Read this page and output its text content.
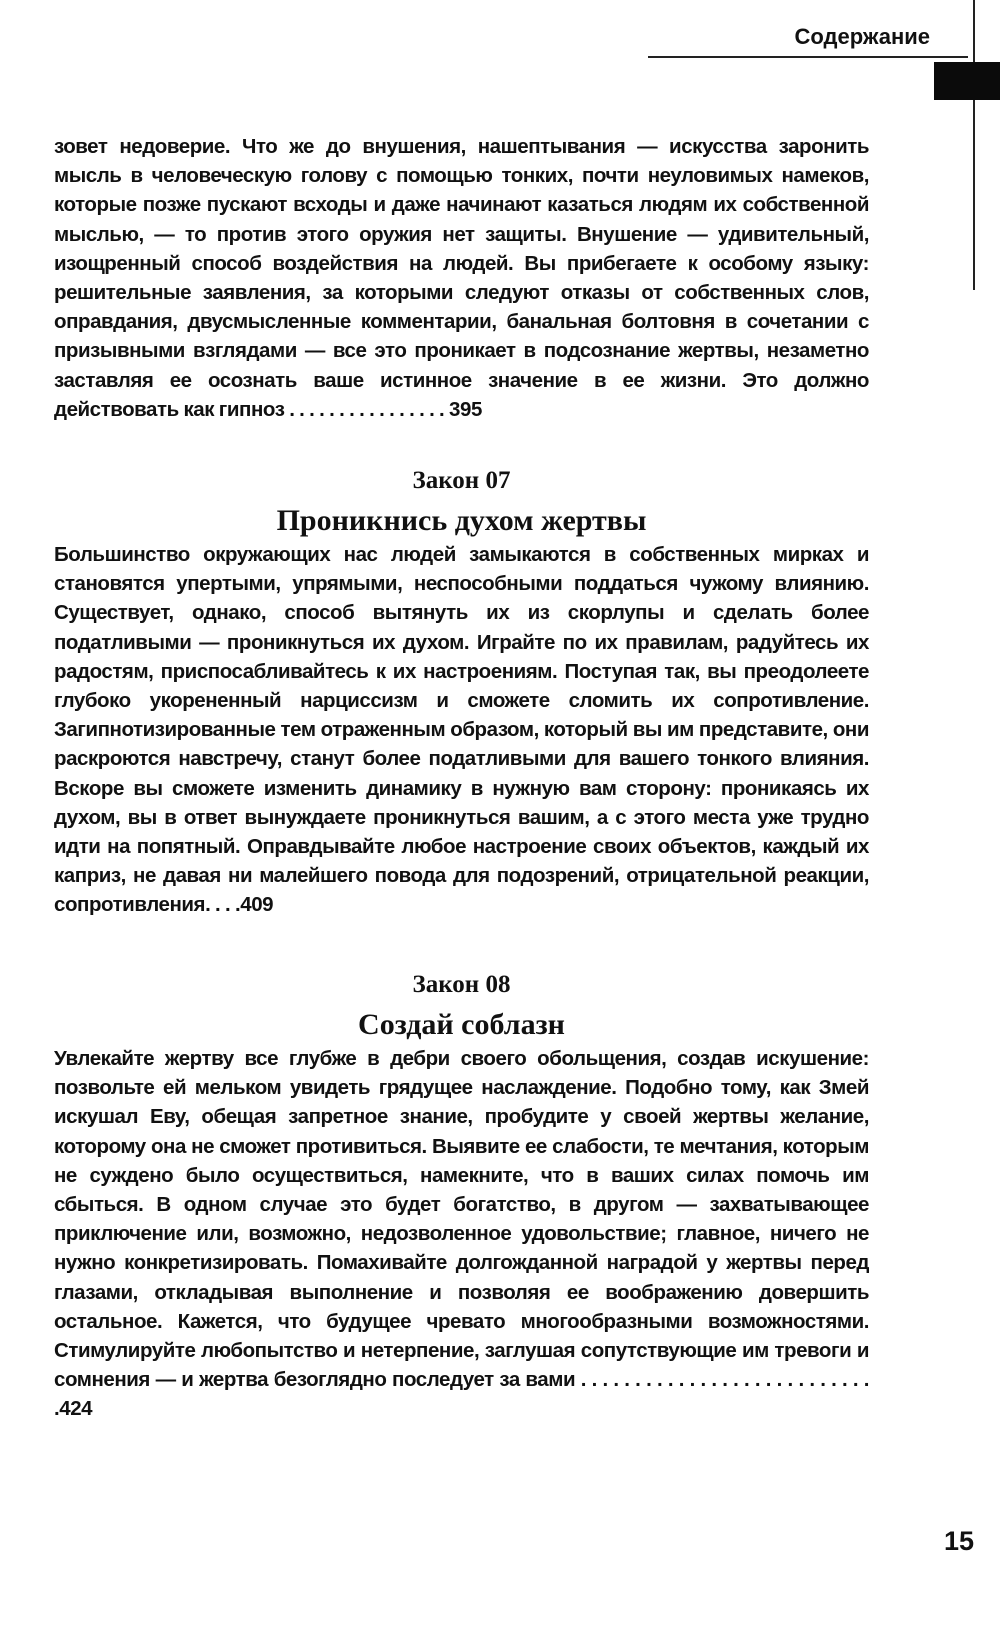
Содержание

зовет недоверие. Что же до внушения, нашептывания — искусства заронить мысль в человеческую голову с помощью тонких, почти неуловимых намеков, которые позже пускают всходы и даже начинают казаться людям их собственной мыслью, — то против этого оружия нет защиты. Внушение — удивительный, изощренный способ воздействия на людей. Вы прибегаете к особому языку: решительные заявления, за которыми следуют отказы от собственных слов, оправдания, двусмысленные комментарии, банальная болтовня в сочетании с призывными взглядами — все это проникает в подсознание жертвы, незаметно заставляя ее осознать ваше истинное значение в ее жизни. Это должно действовать как гипноз . . . . . . . . . . . . . . . . 395

Закон 07

Проникнись духом жертвы

Большинство окружающих нас людей замыкаются в собственных мирках и становятся упертыми, упрямыми, неспособными поддаться чужому влиянию. Существует, однако, способ вытянуть их из скорлупы и сделать более податливыми — проникнуться их духом. Играйте по их правилам, радуйтесь их радостям, приспосабливайтесь к их настроениям. Поступая так, вы преодолеете глубоко укорененный нарциссизм и сможете сломить их сопротивление. Загипнотизированные тем отраженным образом, который вы им представите, они раскроются навстречу, станут более податливыми для вашего тонкого влияния. Вскоре вы сможете изменить динамику в нужную вам сторону: проникаясь их духом, вы в ответ вынуждаете проникнуться вашим, а с этого места уже трудно идти на попятный. Оправдывайте любое настроение своих объектов, каждый их каприз, не давая ни малейшего повода для подозрений, отрицательной реакции, сопротивления. . . .409

Закон 08

Создай соблазн

Увлекайте жертву все глубже в дебри своего обольщения, создав искушение: позвольте ей мельком увидеть грядущее наслаждение. Подобно тому, как Змей искушал Еву, обещая запретное знание, пробудите у своей жертвы желание, которому она не сможет противиться. Выявите ее слабости, те мечтания, которым не суждено было осуществиться, намекните, что в ваших силах помочь им сбыться. В одном случае это будет богатство, в другом — захватывающее приключение или, возможно, недозволенное удовольствие; главное, ничего не нужно конкретизировать. Помахивайте долгожданной наградой у жертвы перед глазами, откладывая выполнение и позволяя ее воображению довершить остальное. Кажется, что будущее чревато многообразными возможностями. Стимулируйте любопытство и нетерпение, заглушая сопутствующие им тревоги и сомнения — и жертва безоглядно последует за вами . . . . . . . . . . . . . . . . . . . . . . . . . . . .424

15
